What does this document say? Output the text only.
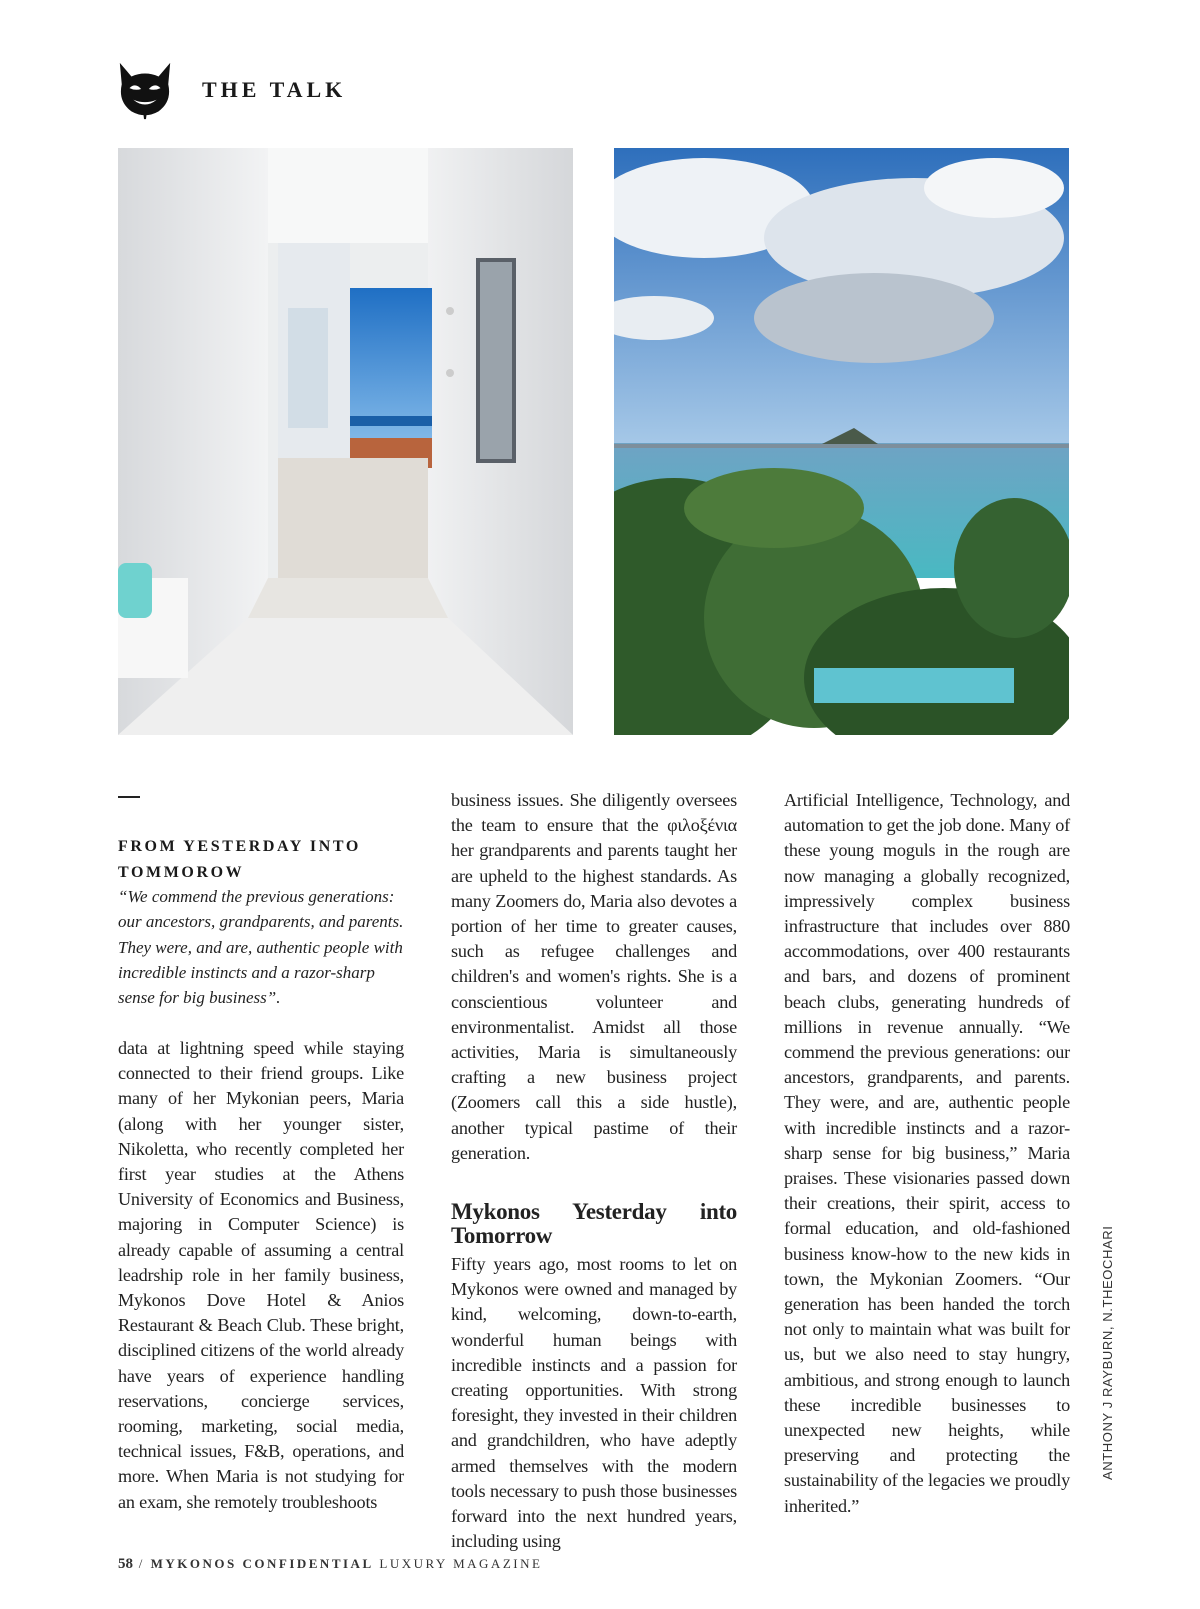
THE TALK
FROM YESTERDAY INTO TOMMOROW
“We commend the previous generations: our ancestors, grandparents, and parents. They were, and are, authentic people with incredible instincts and a razor-sharp sense for big business”.

data at lightning speed while staying connected to their friend groups. Like many of her Mykonian peers, Maria (along with her younger sister, Nikoletta, who recently completed her first year studies at the Athens University of Economics and Business, majoring in Computer Science) is already capable of assuming a central leadrship role in her family business, Mykonos Dove Hotel & Anios Restaurant & Beach Club. These bright, disciplined citizens of the world already have years of experience handling reservations, concierge services, rooming, marketing, social media, technical issues, F&B, operations, and more. When Maria is not studying for an exam, she remotely troubleshoots

business issues. She diligently oversees the team to ensure that the φιλοξένια her grandparents and parents taught her are upheld to the highest standards. As many Zoomers do, Maria also devotes a portion of her time to greater causes, such as refugee challenges and children's and women's rights. She is a conscientious volunteer and environmentalist. Amidst all those activities, Maria is simultaneously crafting a new business project (Zoomers call this a side hustle), another typical pastime of their generation.

Mykonos Yesterday into Tomorrow

Fifty years ago, most rooms to let on Mykonos were owned and managed by kind, welcoming, down-to-earth, wonderful human beings with incredible instincts and a passion for creating opportunities. With strong foresight, they invested in their children and grandchildren, who have adeptly armed themselves with the modern tools necessary to push those businesses forward into the next hundred years, including using

Artificial Intelligence, Technology, and automation to get the job done. Many of these young moguls in the rough are now managing a globally recognized, impressively complex business infrastructure that includes over 880 accommodations, over 400 restaurants and bars, and dozens of prominent beach clubs, generating hundreds of millions in revenue annually. “We commend the previous generations: our ancestors, grandparents, and parents. They were, and are, authentic people with incredible instincts and a razor-sharp sense for big business,” Maria praises. These visionaries passed down their creations, their spirit, access to formal education, and old-fashioned business know-how to the new kids in town, the Mykonian Zoomers. “Our generation has been handed the torch not only to maintain what was built for us, but we also need to stay hungry, ambitious, and strong enough to launch these incredible businesses to unexpected new heights, while preserving and protecting the sustainability of the legacies we proudly inherited.”

ANTHONY J RAYBURN, N.THEOCHARI
58 / MYKONOS CONFIDENTIAL LUXURY MAGAZINE
